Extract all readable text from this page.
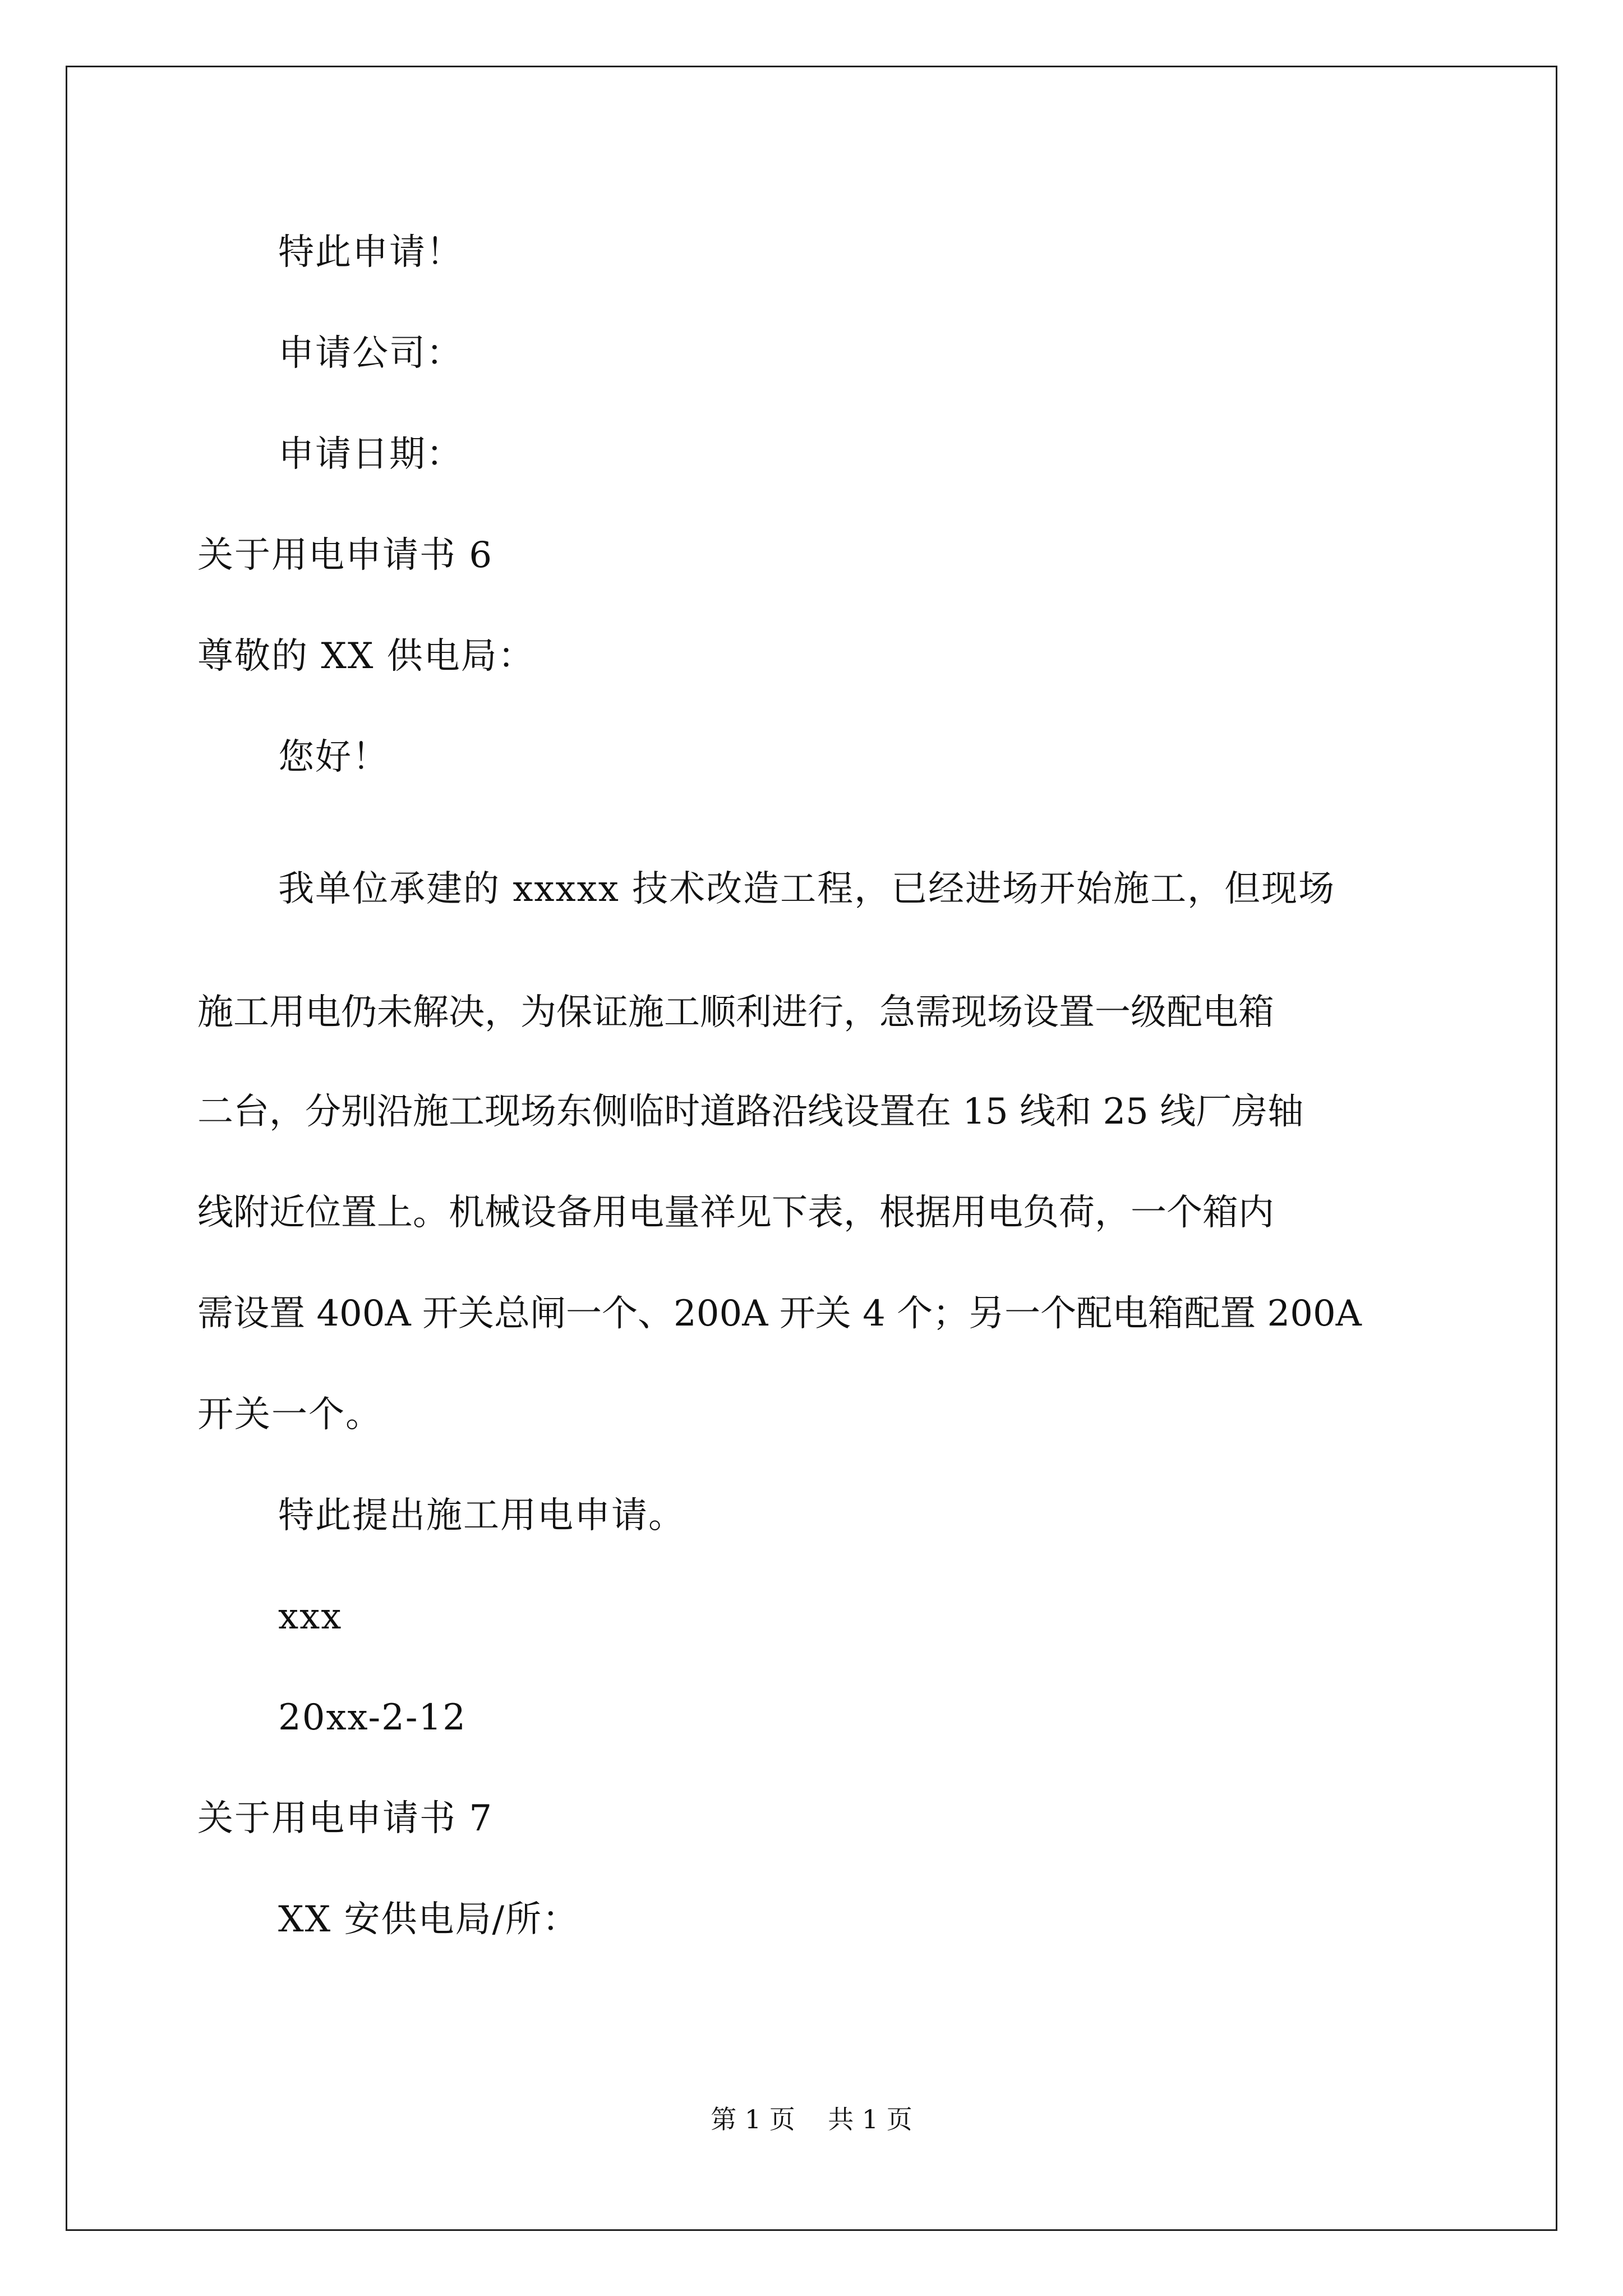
特此申请！
申请公司：
申请日期：
关于用电申请书 6
尊敬的 XX 供电局：
您好！
我单位承建的 xxxxx 技术改造工程，已经进场开始施工，但现场
施工用电仍未解决，为保证施工顺利进行，急需现场设置一级配电箱
二台，分别沿施工现场东侧临时道路沿线设置在 15 线和 25 线厂房轴
线附近位置上。机械设备用电量祥见下表，根据用电负荷，一个箱内
需设置 400A 开关总闸一个、200A 开关 4 个；另一个配电箱配置 200A
开关一个。
特此提出施工用电申请。
xxx
20xx-2-12
关于用电申请书 7
XX 安供电局/所：
第 1 页    共 1 页
